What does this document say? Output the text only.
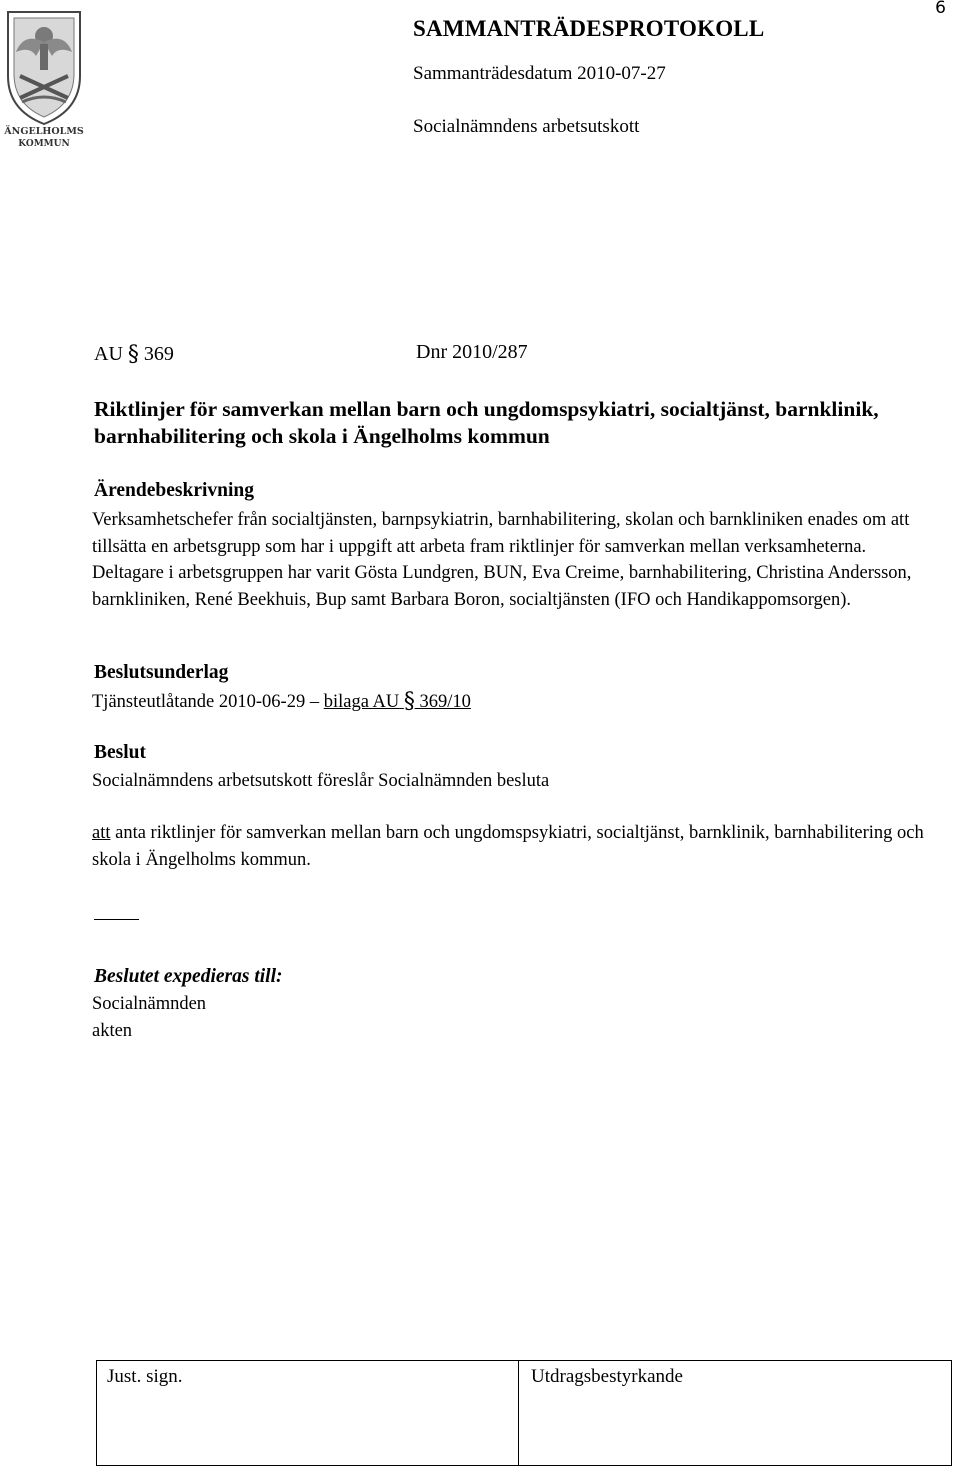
ÄNGELHOLMS
KOMMUN
6
SAMMANTRÄDESPROTOKOLL
Sammanträdesdatum 2010-07-27
Socialnämndens arbetsutskott
AU § 369	Dnr 2010/287
Riktlinjer för samverkan mellan barn och ungdomspsykiatri, socialtjänst, barnklinik, barnhabilitering och skola i Ängelholms kommun
Ärendebeskrivning
Verksamhetschefer från socialtjänsten, barnpsykiatrin, barnhabilitering, skolan och barnkliniken enades om att tillsätta en arbetsgrupp som har i uppgift att arbeta fram riktlinjer för samverkan mellan verksamheterna. Deltagare i arbetsgruppen har varit Gösta Lundgren, BUN, Eva Creime, barnhabilitering, Christina Andersson, barnkliniken, René Beekhuis, Bup samt Barbara Boron, socialtjänsten (IFO och Handikappomsorgen).
Beslutsunderlag
Tjänsteutlåtande 2010-06-29 – bilaga AU § 369/10
Beslut
Socialnämndens arbetsutskott föreslår Socialnämnden besluta
att anta riktlinjer för samverkan mellan barn och ungdomspsykiatri, socialtjänst, barnklinik, barnhabilitering och skola i Ängelholms kommun.
Beslutet expedieras till:
Socialnämnden
akten
Just. sign.	Utdragsbestyrkande
